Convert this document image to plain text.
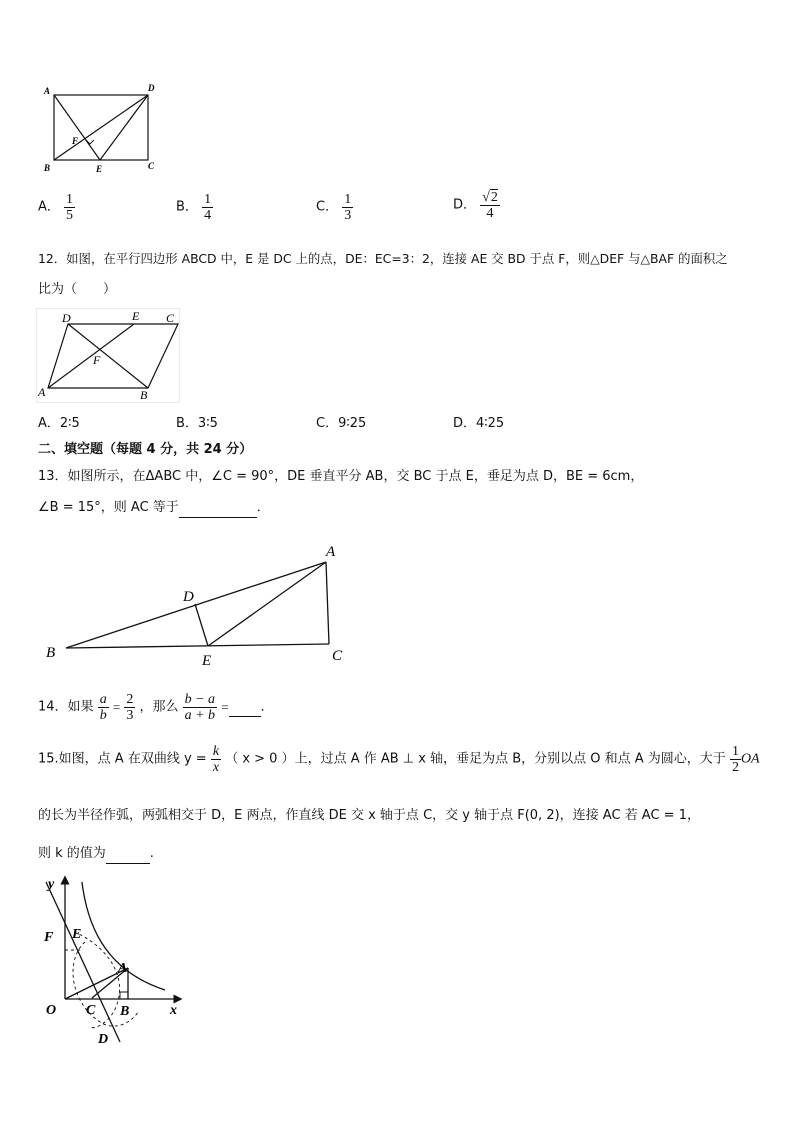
A	D
F
B	E	C
A． $\frac{1}{5}$	B． $\frac{1}{4}$	C． $\frac{1}{3}$	D． $\frac{√2}{4}$
12．如图，在平行四边形 ABCD 中，E 是 DC 上的点，DE：EC=3：2，连接 AE 交 BD 于点 F，则△DEF 与△BAF 的面积之
比为（　　）
D	E C
F
A	B
A．2∶5	B．3∶5	C．9∶25	D．4∶25
二、填空题（每题 4 分，共 24 分）
13．如图所示，在ΔABC 中，∠C = 90°，DE 垂直平分 AB，交 BC 于点 E，垂足为点 D，BE = 6cm，
∠B = 15°，则 AC 等于	．
A
D
B	E	C
14．如果 $\frac{a}{b} = \frac{2}{3}$ ，那么 $\frac{b - a}{a + b}$ = ．
15.如图，点 A 在双曲线 $y = \frac{k}{x}$ （ x > 0 ）上，过点 A 作 AB ⊥ x 轴，垂足为点 B，分别以点 O 和点 A 为圆心，大于 $\frac{1}{2}$ OA
的长为半径作弧，两弧相交于 D，E 两点，作直线 DE 交 x 轴于点 C，交 y 轴于点 F(0, 2)，连接 AC 若 AC = 1，
则 k 的值为	.
y
x
O
F E
A
C B
D
